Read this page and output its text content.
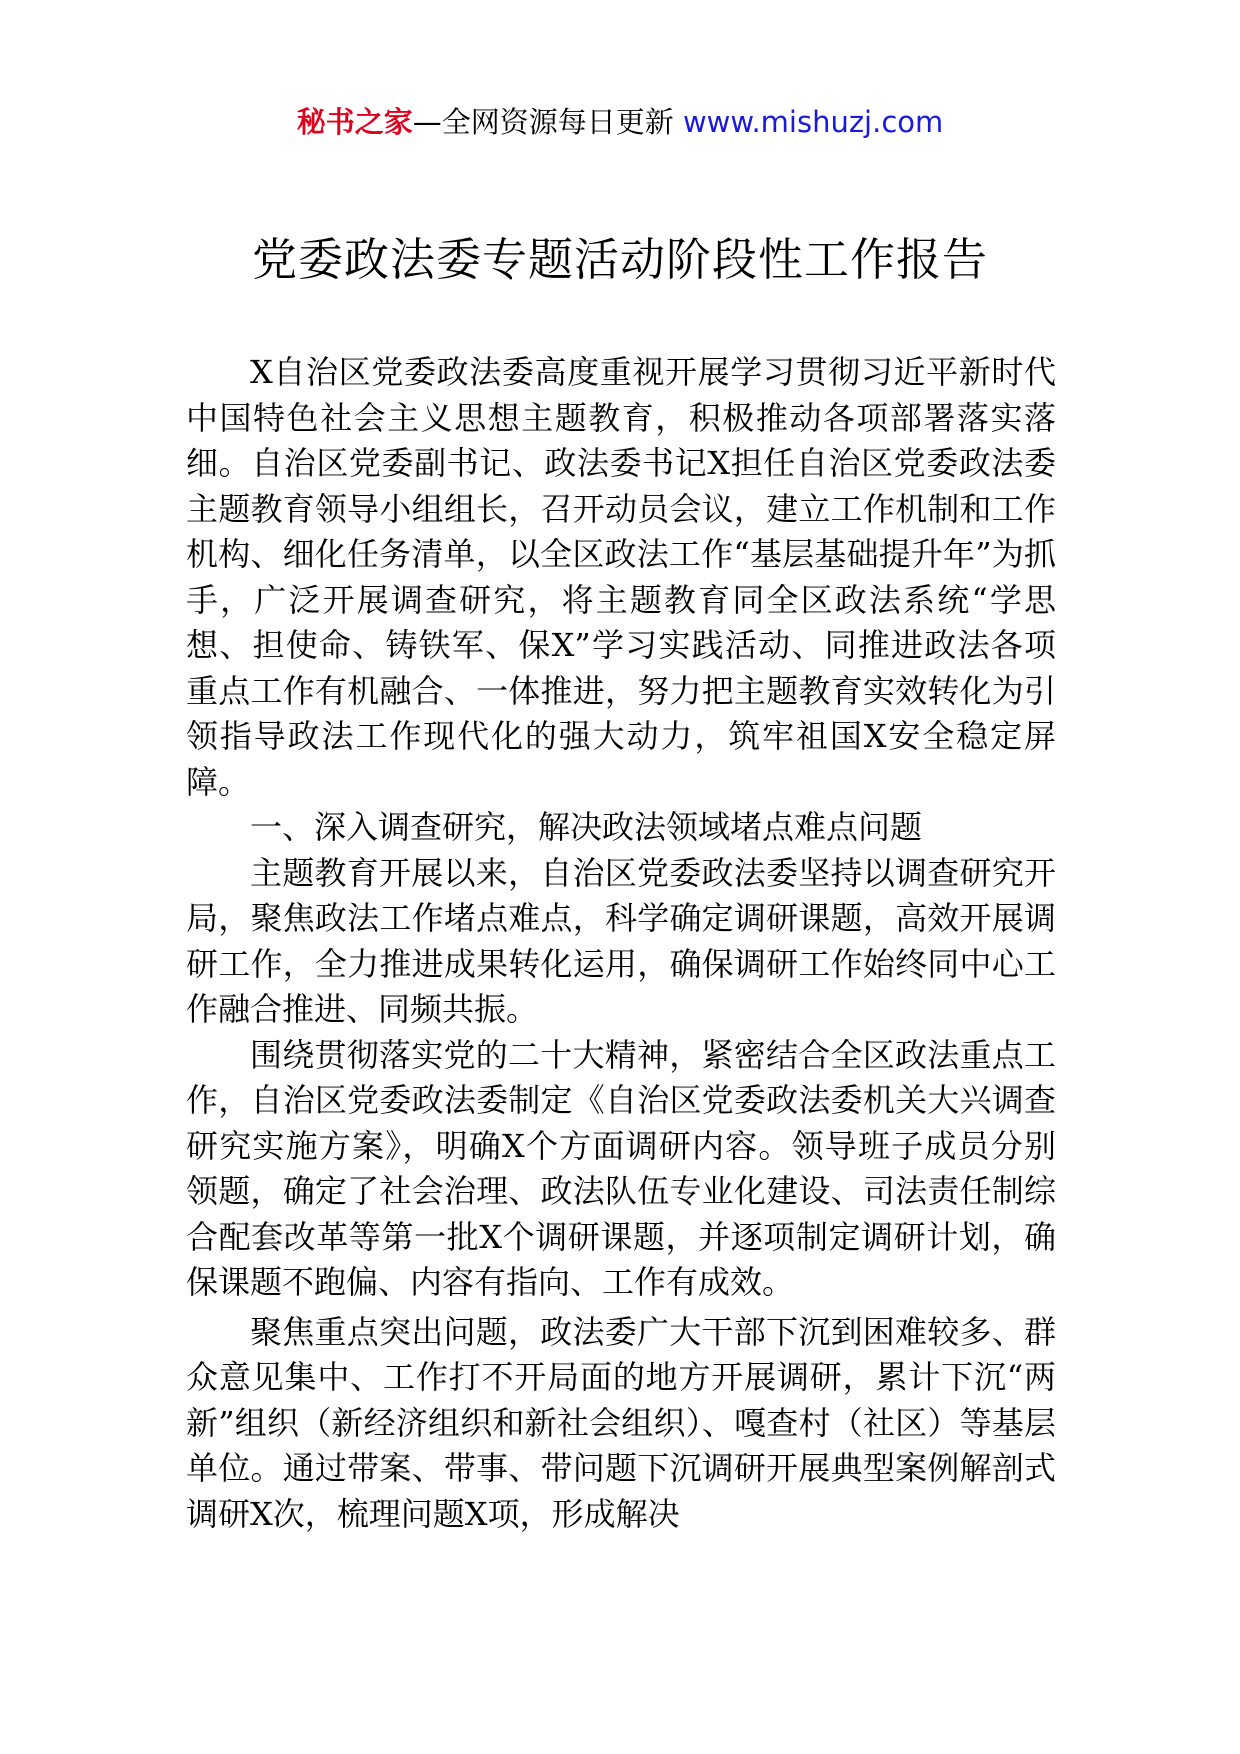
秘书之家—全网资源每日更新 www.mishuzj.com
党委政法委专题活动阶段性工作报告

X自治区党委政法委高度重视开展学习贯彻习近平新时代中国特色社会主义思想主题教育，积极推动各项部署落实落细。自治区党委副书记、政法委书记X担任自治区党委政法委主题教育领导小组组长，召开动员会议，建立工作机制和工作机构、细化任务清单，以全区政法工作“基层基础提升年”为抓手，广泛开展调查研究，将主题教育同全区政法系统“学思想、担使命、铸铁军、保X”学习实践活动、同推进政法各项重点工作有机融合、一体推进，努力把主题教育实效转化为引领指导政法工作现代化的强大动力，筑牢祖国X安全稳定屏障。

一、深入调查研究，解决政法领域堵点难点问题

主题教育开展以来，自治区党委政法委坚持以调查研究开局，聚焦政法工作堵点难点，科学确定调研课题，高效开展调研工作，全力推进成果转化运用，确保调研工作始终同中心工作融合推进、同频共振。

围绕贯彻落实党的二十大精神，紧密结合全区政法重点工作，自治区党委政法委制定《自治区党委政法委机关大兴调查研究实施方案》，明确X个方面调研内容。领导班子成员分别领题，确定了社会治理、政法队伍专业化建设、司法责任制综合配套改革等第一批X个调研课题，并逐项制定调研计划，确保课题不跑偏、内容有指向、工作有成效。

聚焦重点突出问题，政法委广大干部下沉到困难较多、群众意见集中、工作打不开局面的地方开展调研，累计下沉“两新”组织（新经济组织和新社会组织）、嘎查村（社区）等基层单位。通过带案、带事、带问题下沉调研开展典型案例解剖式调研X次，梳理问题X项，形成解决
